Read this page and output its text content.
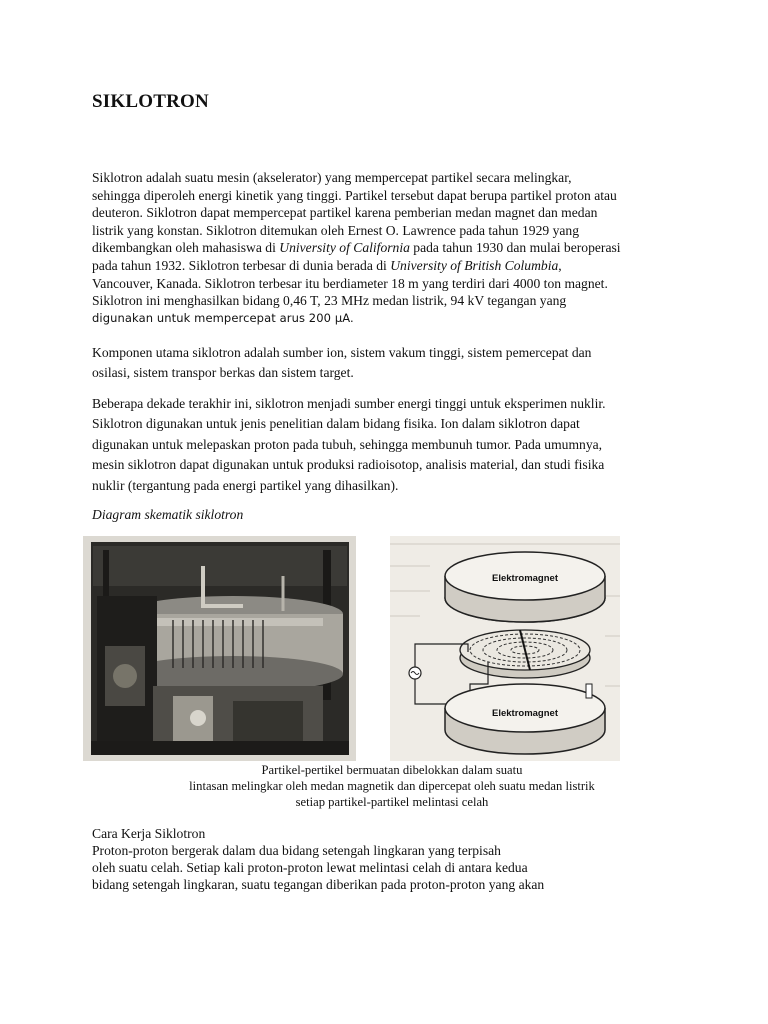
SIKLOTRON
Siklotron adalah suatu mesin (akselerator) yang mempercepat partikel secara melingkar,
sehingga diperoleh energi kinetik yang tinggi. Partikel tersebut dapat berupa partikel proton atau
deuteron. Siklotron dapat mempercepat partikel karena pemberian medan magnet dan medan
listrik yang konstan. Siklotron ditemukan oleh Ernest O. Lawrence pada tahun 1929 yang
dikembangkan oleh mahasiswa di University of California pada tahun 1930 dan mulai beroperasi
pada tahun 1932. Siklotron terbesar di dunia berada di University of British Columbia,
Vancouver, Kanada. Siklotron terbesar itu berdiameter 18 m yang terdiri dari 4000 ton magnet.
Siklotron ini menghasilkan bidang 0,46 T, 23 MHz medan listrik, 94 kV tegangan yang
digunakan untuk mempercepat arus 200 μA.
Komponen utama siklotron adalah sumber ion, sistem vakum tinggi, sistem pemercepat dan
osilasi, sistem transpor berkas dan sistem target.
Beberapa dekade terakhir ini, siklotron menjadi sumber energi tinggi untuk eksperimen nuklir.
Siklotron digunakan untuk jenis penelitian dalam bidang fisika. Ion dalam siklotron dapat
digunakan untuk melepaskan proton pada tubuh, sehingga membunuh tumor. Pada umumnya,
mesin siklotron dapat digunakan untuk produksi radioisotop, analisis material, dan studi fisika
nuklir (tergantung pada energi partikel yang dihasilkan).
Diagram skematik siklotron
Elektromagnet
Elektromagnet
Partikel-pertikel bermuatan dibelokkan dalam suatu
lintasan melingkar oleh medan magnetik dan dipercepat oleh suatu medan listrik
setiap partikel-partikel melintasi celah
Cara Kerja Siklotron
Proton-proton bergerak dalam dua bidang setengah lingkaran yang terpisah
oleh suatu celah. Setiap kali proton-proton lewat melintasi celah di antara kedua
bidang setengah lingkaran, suatu tegangan diberikan pada proton-proton yang akan
